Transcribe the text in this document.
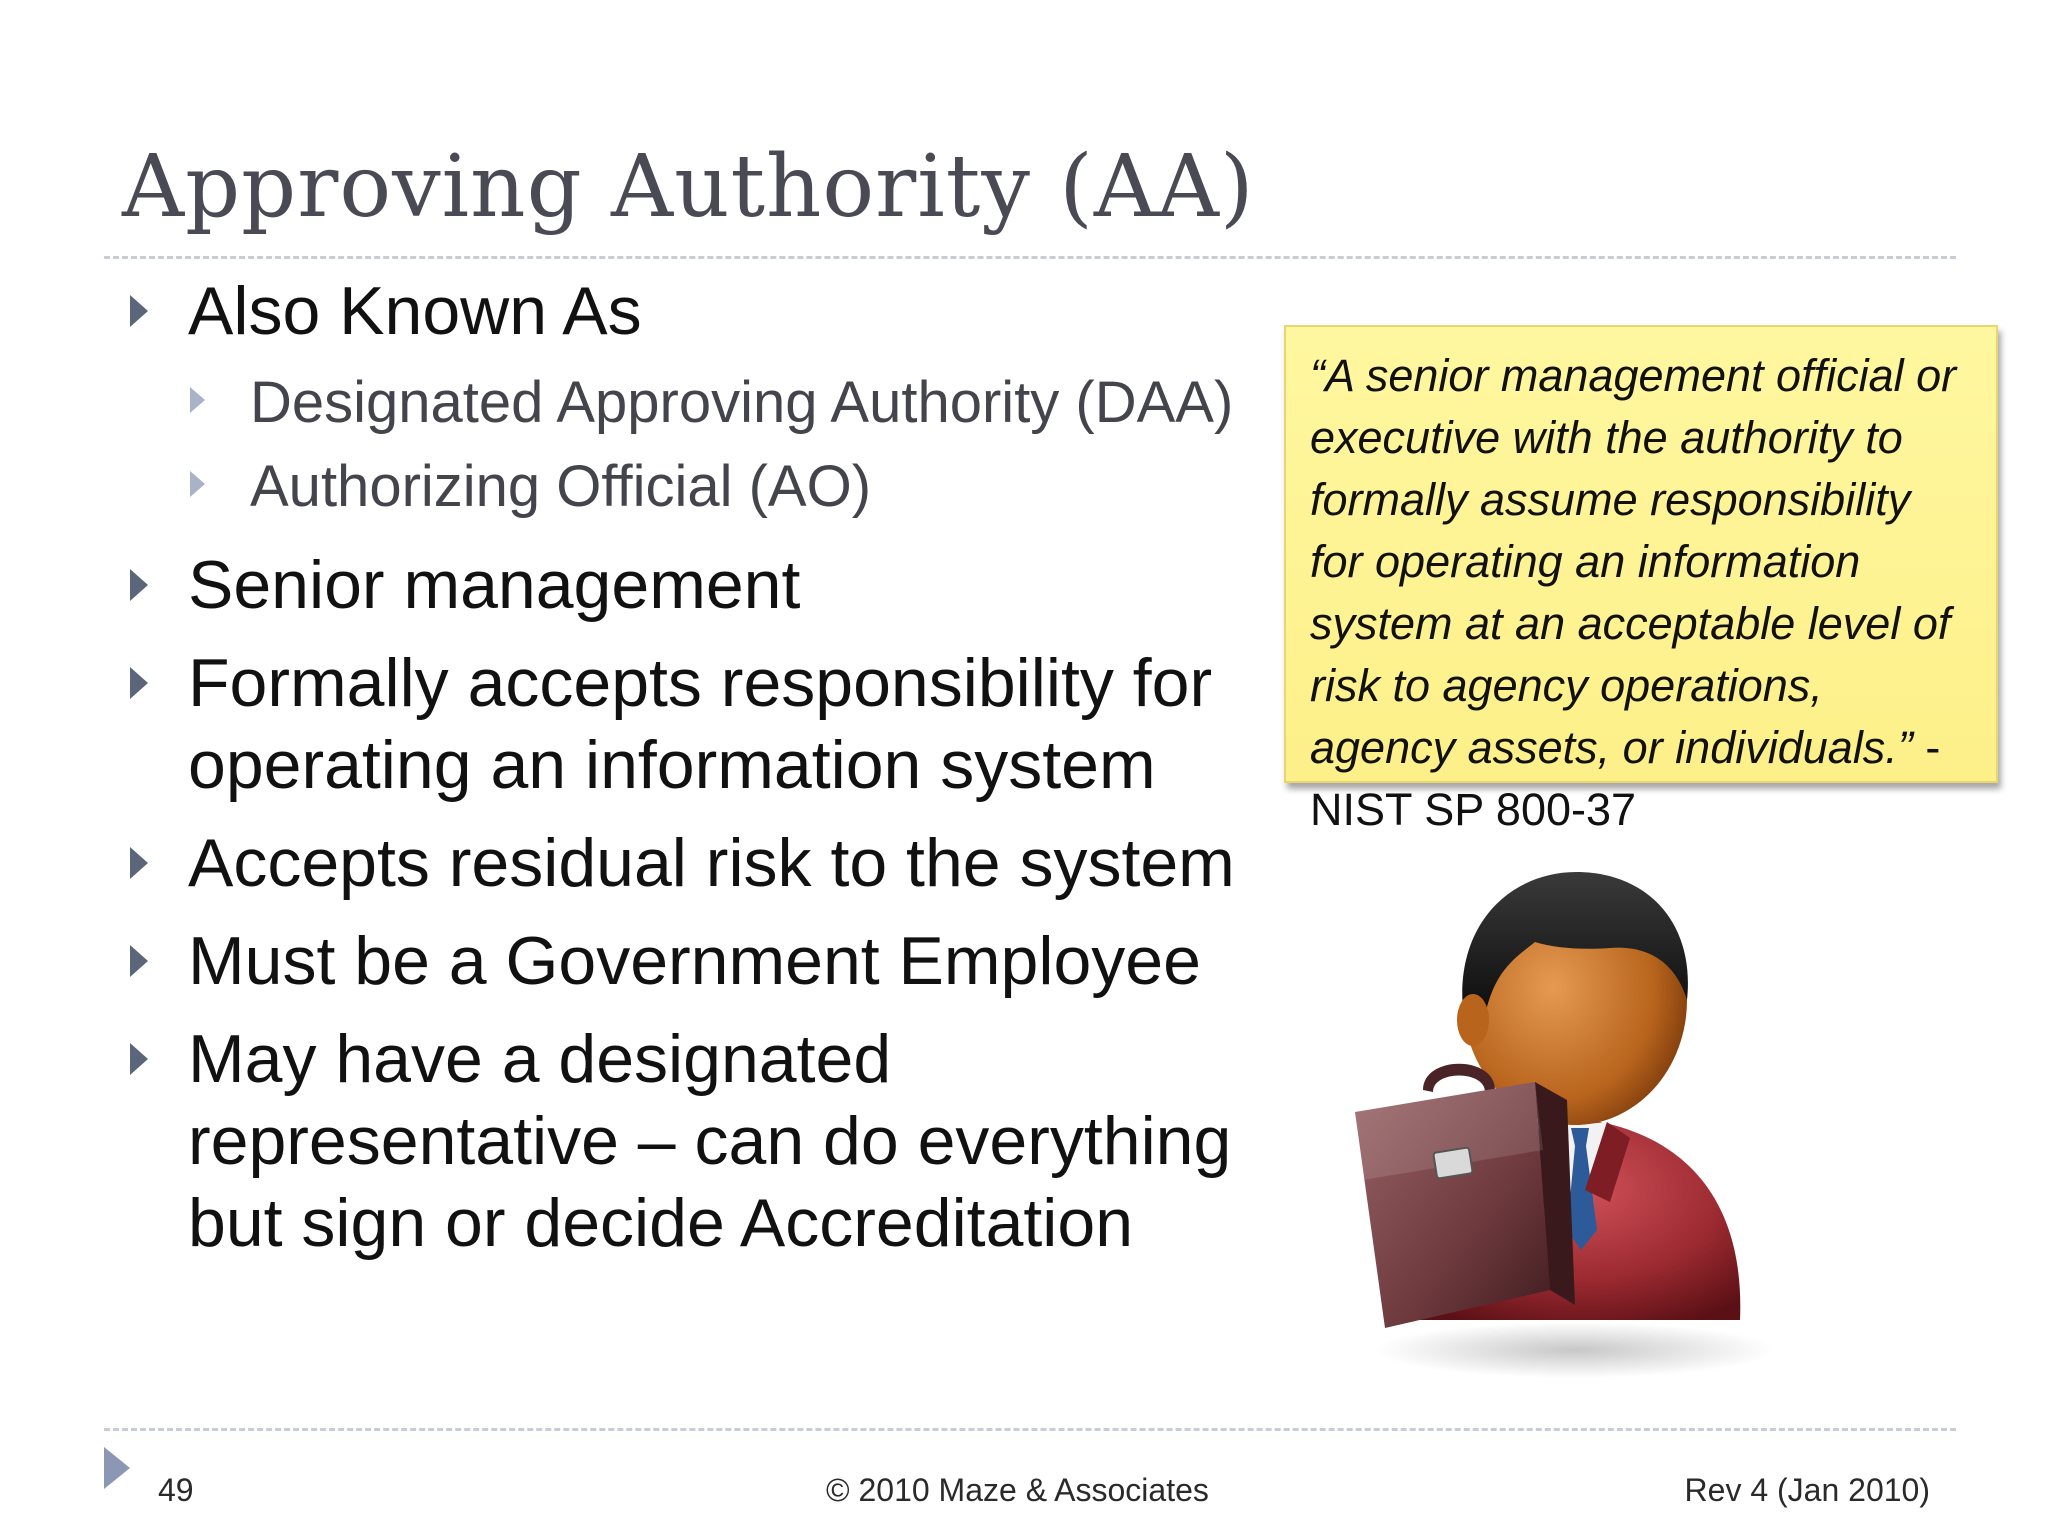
Approving Authority (AA)
Also Known As
Designated Approving Authority (DAA)
Authorizing Official (AO)
Senior management
Formally accepts responsibility for operating an information system
Accepts residual risk to the system
Must be a Government Employee
May have a designated representative – can do everything but sign or decide Accreditation
“A senior management official or executive with the authority to formally assume responsibility for operating an information system at an acceptable level of risk to agency operations, agency assets, or individuals.” - NIST SP 800-37
49	© 2010 Maze & Associates	Rev 4 (Jan 2010)
